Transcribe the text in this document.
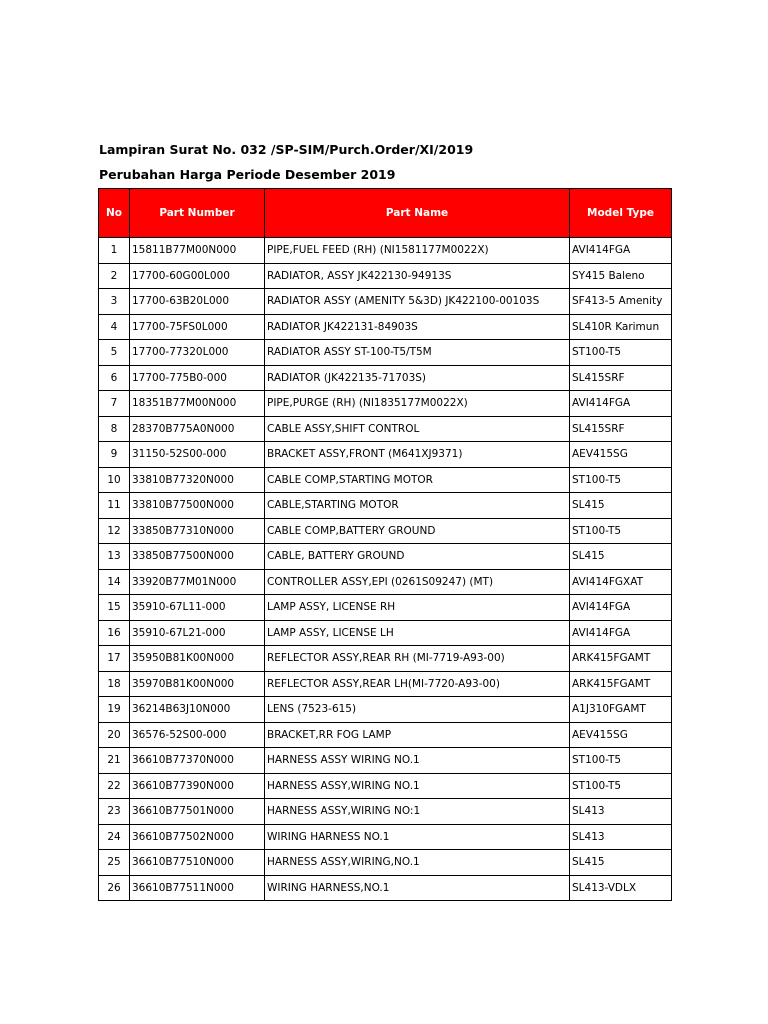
Lampiran Surat No. 032 /SP-SIM/Purch.Order/XI/2019
Perubahan Harga Periode Desember 2019
No	Part Number	Part Name	Model Type
1	15811B77M00N000	PIPE,FUEL FEED (RH) (NI1581177M0022X)	AVI414FGA
2	17700-60G00L000	RADIATOR, ASSY JK422130-94913S	SY415 Baleno
3	17700-63B20L000	RADIATOR ASSY (AMENITY 5&3D) JK422100-00103S	SF413-5 Amenity
4	17700-75FS0L000	RADIATOR JK422131-84903S	SL410R Karimun
5	17700-77320L000	RADIATOR ASSY ST-100-T5/T5M	ST100-T5
6	17700-775B0-000	RADIATOR (JK422135-71703S)	SL415SRF
7	18351B77M00N000	PIPE,PURGE (RH) (NI1835177M0022X)	AVI414FGA
8	28370B775A0N000	CABLE ASSY,SHIFT CONTROL	SL415SRF
9	31150-52S00-000	BRACKET ASSY,FRONT (M641XJ9371)	AEV415SG
10	33810B77320N000	CABLE COMP,STARTING MOTOR	ST100-T5
11	33810B77500N000	CABLE,STARTING MOTOR	SL415
12	33850B77310N000	CABLE COMP,BATTERY GROUND	ST100-T5
13	33850B77500N000	CABLE, BATTERY GROUND	SL415
14	33920B77M01N000	CONTROLLER ASSY,EPI (0261S09247) (MT)	AVI414FGXAT
15	35910-67L11-000	LAMP ASSY, LICENSE RH	AVI414FGA
16	35910-67L21-000	LAMP ASSY, LICENSE LH	AVI414FGA
17	35950B81K00N000	REFLECTOR ASSY,REAR RH (MI-7719-A93-00)	ARK415FGAMT
18	35970B81K00N000	REFLECTOR ASSY,REAR LH(MI-7720-A93-00)	ARK415FGAMT
19	36214B63J10N000	LENS (7523-615)	A1J310FGAMT
20	36576-52S00-000	BRACKET,RR FOG LAMP	AEV415SG
21	36610B77370N000	HARNESS ASSY WIRING NO.1	ST100-T5
22	36610B77390N000	HARNESS ASSY,WIRING NO.1	ST100-T5
23	36610B77501N000	HARNESS ASSY,WIRING NO:1	SL413
24	36610B77502N000	WIRING HARNESS NO.1	SL413
25	36610B77510N000	HARNESS ASSY,WIRING,NO.1	SL415
26	36610B77511N000	WIRING HARNESS,NO.1	SL413-VDLX
